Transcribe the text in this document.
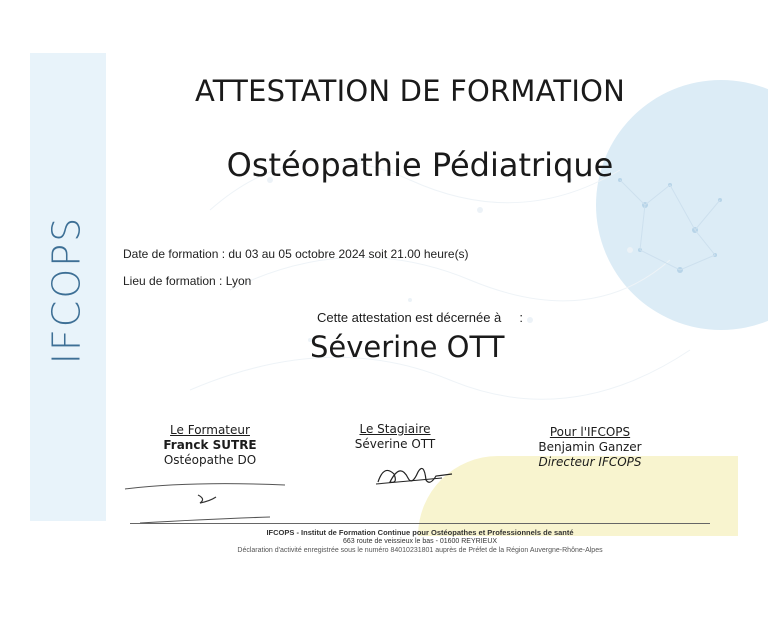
IFCOPS
ATTESTATION DE FORMATION
Ostéopathie Pédiatrique
Date de formation : du 03 au 05 octobre 2024 soit 21.00 heure(s)
Lieu de formation : Lyon
Cette attestation est décernée à     :
Séverine OTT
Le Formateur
Franck SUTRE
Ostéopathe DO
Le Stagiaire
Séverine OTT
Pour l'IFCOPS
Benjamin Ganzer
Directeur IFCOPS
IFCOPS - Institut de Formation Continue pour Ostéopathes et Professionnels de santé
663 route de veissieux le bas - 01600 REYRIEUX
Déclaration d'activité enregistrée sous le numéro 84010231801 auprès de Préfet de la Région Auvergne-Rhône-Alpes
